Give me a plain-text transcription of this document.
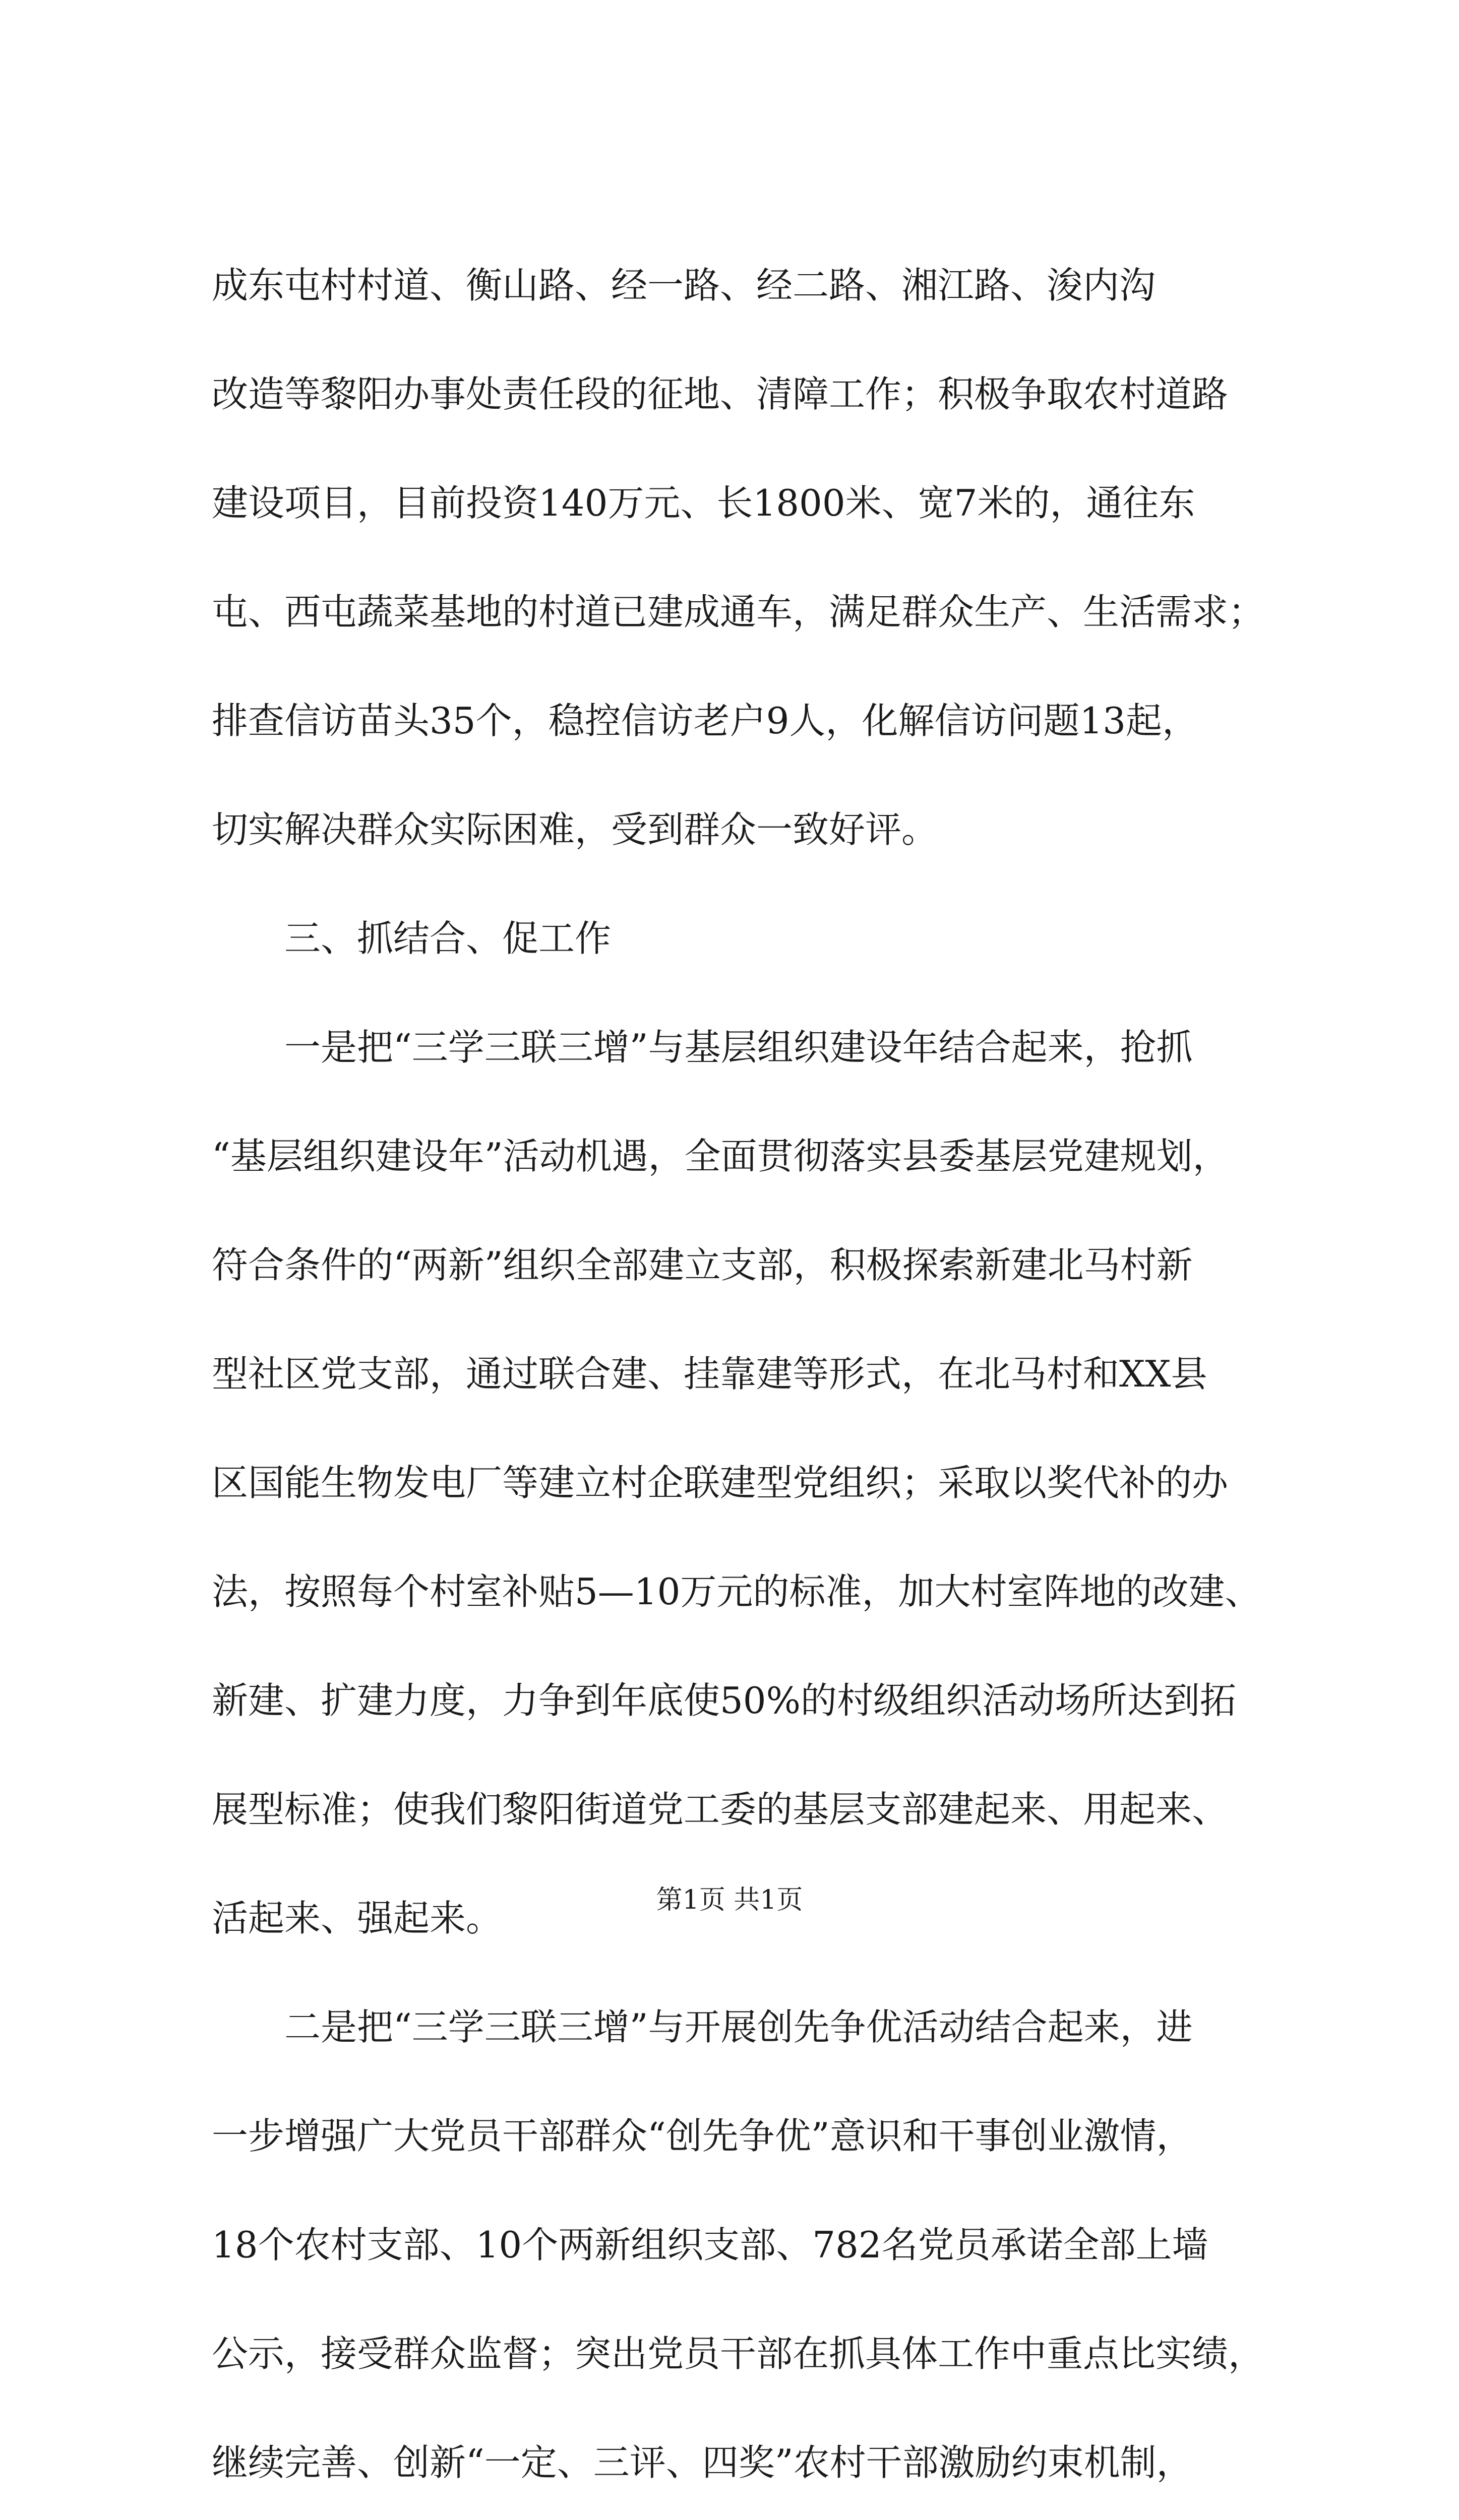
成东屯村村道、衡山路、经一路、经二路、湘江路、浚内沟
改造等黎阳办事处责任段的征地、清障工作；积极争取农村道路
建设项目，目前投资140万元、长1800米、宽7米的，通往东
屯、西屯蔬菜基地的村道已建成通车，满足群众生产、生活需求；
排查信访苗头35个，稳控信访老户9人，化解信访问题13起，
切实解决群众实际困难，受到群众一致好评。
三、抓结合、促工作
一是把“三学三联三增”与基层组织建设年结合起来，抢抓
“基层组织建设年”活动机遇，全面贯彻落实县委基层党建规划，
符合条件的“两新”组织全部建立支部，积极探索新建北马村新
型社区党支部，通过联合建、挂靠建等形式，在北马村和XX县
区国能生物发电厂等建立村企联建型党组织；采取以奖代补的办
法，按照每个村室补贴5—10万元的标准，加大村室阵地的改建、
新建、扩建力度，力争到年底使50%的村级组织活动场所达到拓
展型标准；使我们黎阳街道党工委的基层支部建起来、用起来、
活起来、强起来。
二是把“三学三联三增”与开展创先争优活动结合起来，进
一步增强广大党员干部群众“创先争优”意识和干事创业激情，
18个农村支部、10个两新组织支部、782名党员承诺全部上墙
公示，接受群众监督；突出党员干部在抓具体工作中重点比实绩，
继续完善、创新“一定、三评、四奖”农村干部激励约束机制，
第1页 共1页
